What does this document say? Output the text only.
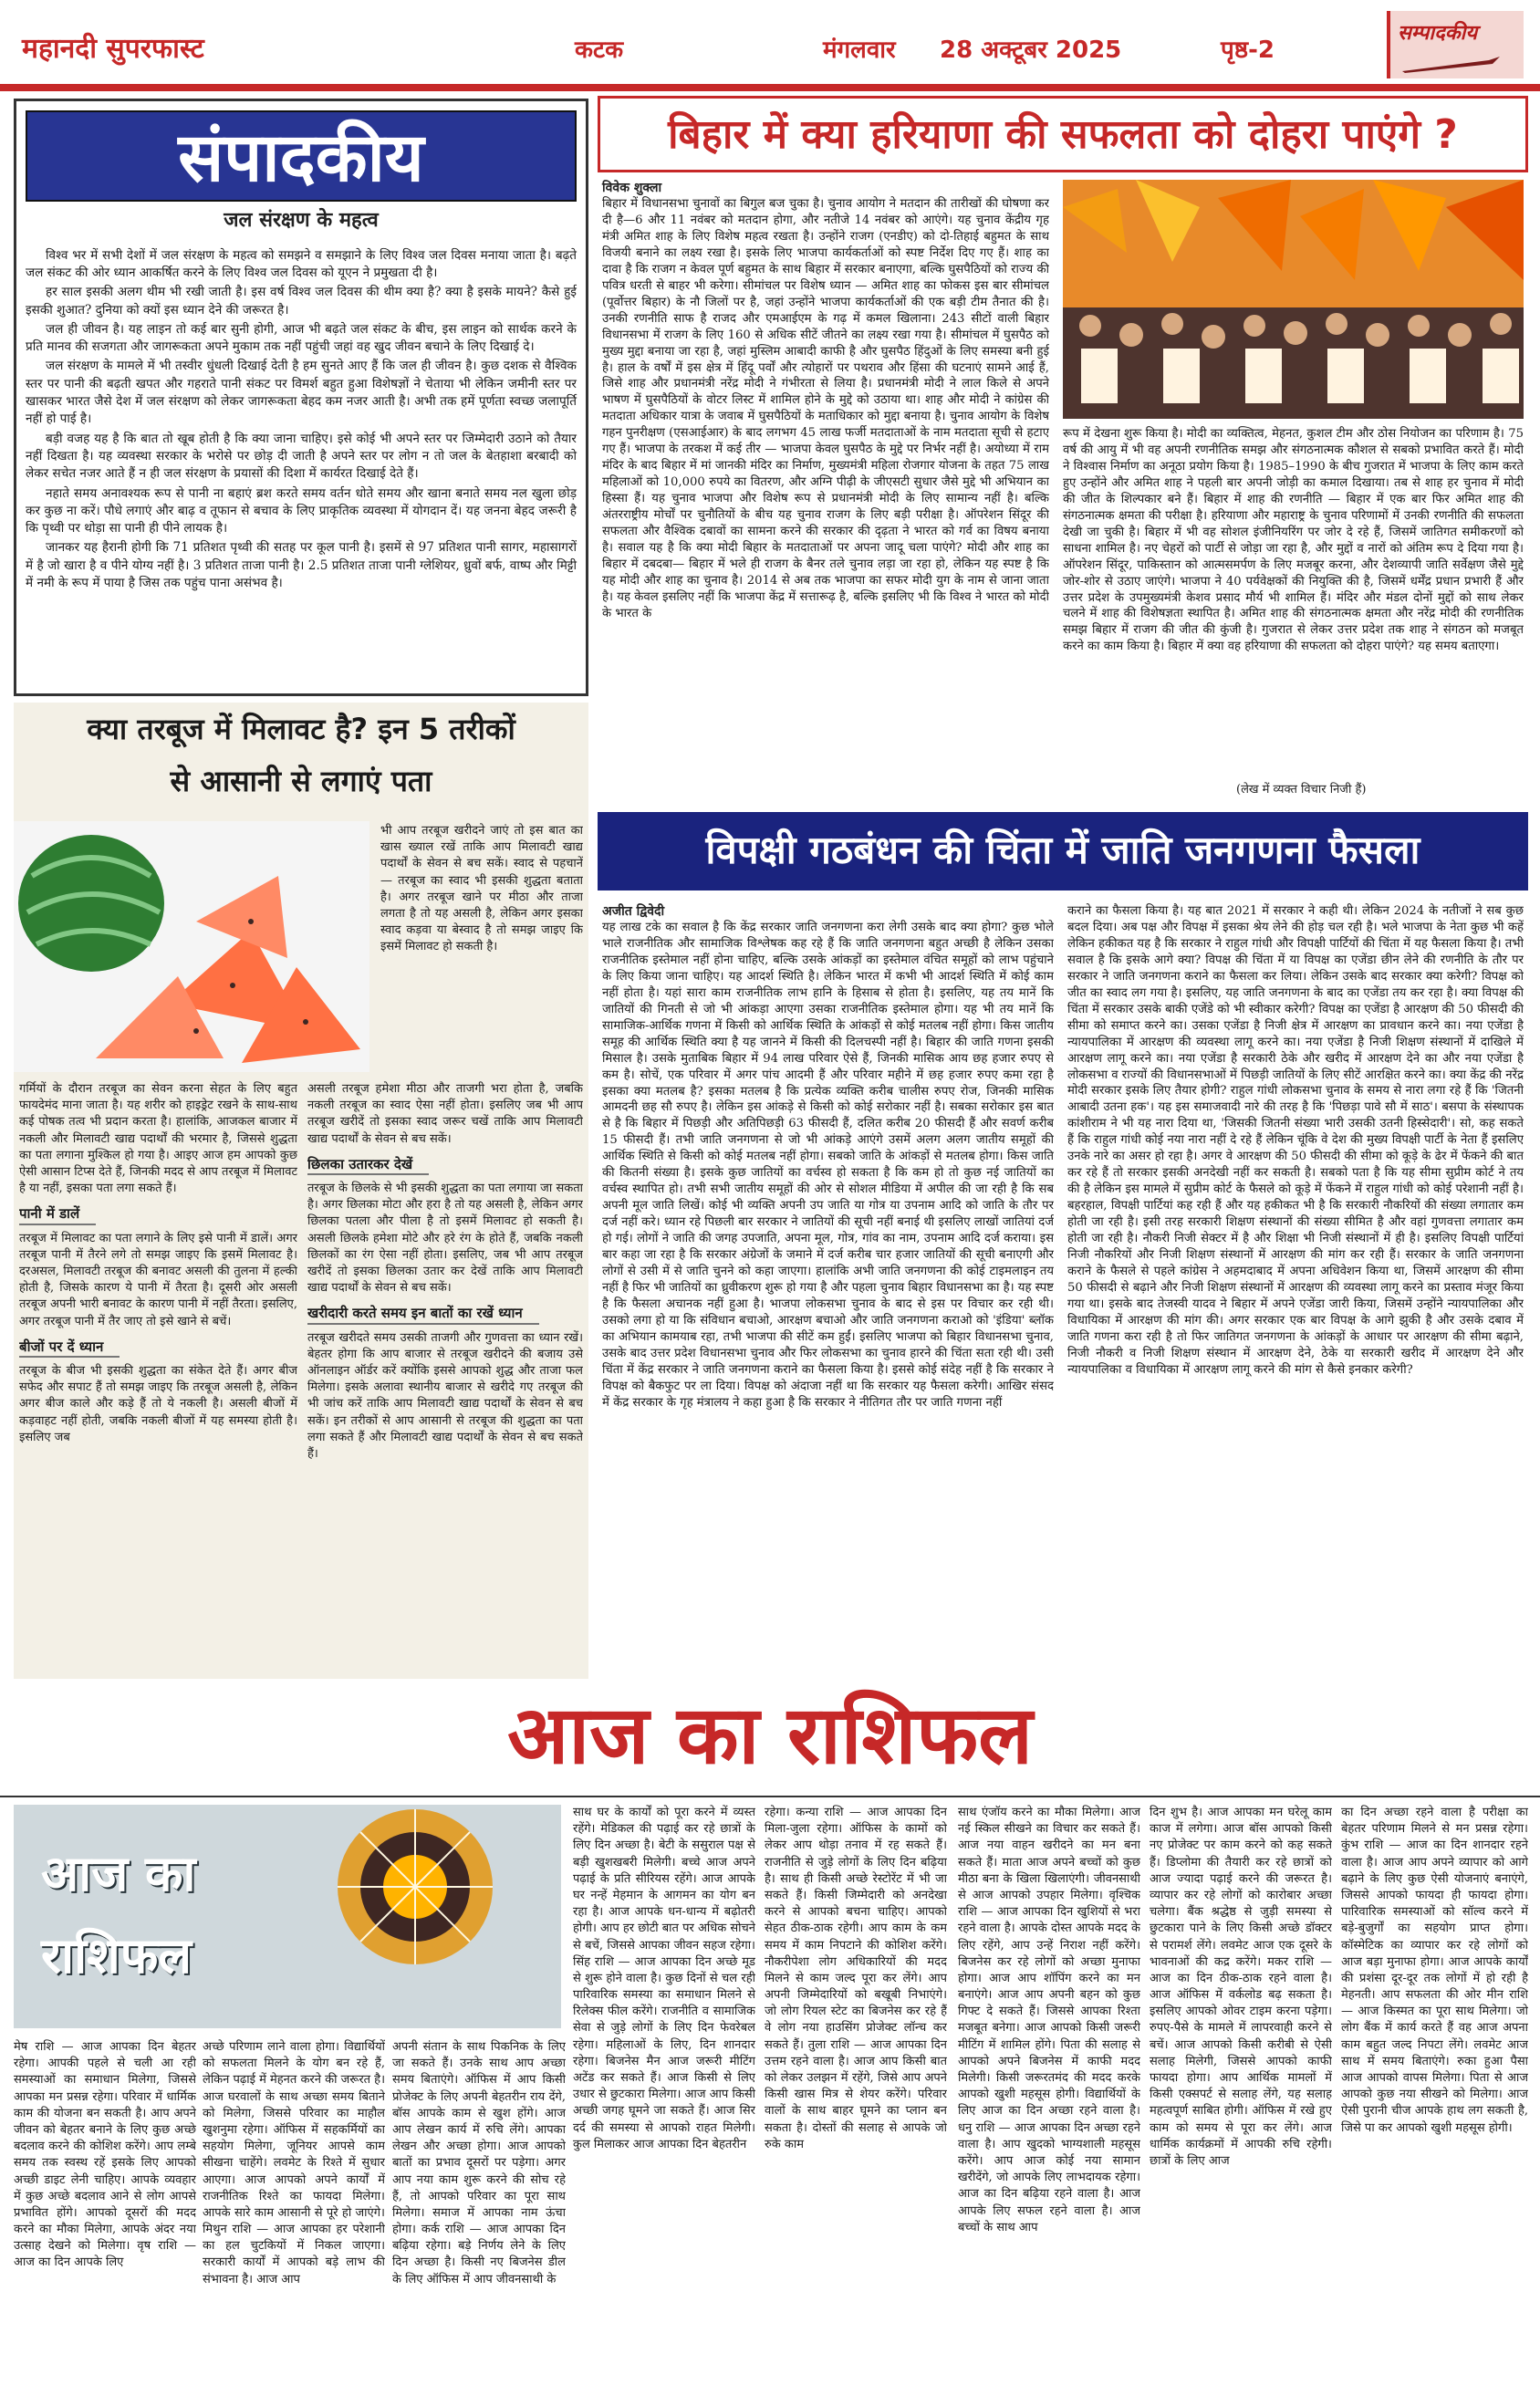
महानदी सुपरफास्ट	कटक	मंगलवार 28 अक्टूबर 2025	पृष्ठ-2
सम्पादकीय
संपादकीय
जल संरक्षण के महत्व

विश्व भर में सभी देशों में जल संरक्षण के महत्व को समझने व समझाने के लिए विश्व जल दिवस मनाया जाता है। बढ़ते जल संकट की ओर ध्यान आकर्षित करने के लिए विश्व जल दिवस को यूएन ने प्रमुखता दी है।

हर साल इसकी अलग थीम भी रखी जाती है। इस वर्ष विश्व जल दिवस की थीम क्या है? क्या है इसके मायने? कैसे हुई इसकी शुआत? दुनिया को क्यों इस ध्यान देने की जरूरत है।

जल ही जीवन है। यह लाइन तो कई बार सुनी होगी, आज भी बढ़ते जल संकट के बीच, इस लाइन को सार्थक करने के प्रति मानव की सजगता और जागरूकता अपने मुकाम तक नहीं पहुंची जहां वह खुद जीवन बचाने के लिए दिखाई दे।

जल संरक्षण के मामले में भी तस्वीर धुंधली दिखाई देती है हम सुनते आए हैं कि जल ही जीवन है। कुछ दशक से वैश्विक स्तर पर पानी की बढ़ती खपत और गहराते पानी संकट पर विमर्श बहुत हुआ विशेषज्ञों ने चेताया भी लेकिन जमीनी स्तर पर खासकर भारत जैसे देश में जल संरक्षण को लेकर जागरूकता बेहद कम नजर आती है। अभी तक हमें पूर्णता स्वच्छ जलापूर्ति नहीं हो पाई है।

बड़ी वजह यह है कि बात तो खूब होती है कि क्या जाना चाहिए। इसे कोई भी अपने स्तर पर जिम्मेदारी उठाने को तैयार नहीं दिखता है। यह व्यवस्था सरकार के भरोसे पर छोड़ दी जाती है अपने स्तर पर लोग न तो जल के बेतहाशा बरबादी को लेकर सचेत नजर आते हैं न ही जल संरक्षण के प्रयासों की दिशा में कार्यरत दिखाई देते हैं।

नहाते समय अनावश्यक रूप से पानी ना बहाएं ब्रश करते समय वर्तन धोते समय और खाना बनाते समय नल खुला छोड़ कर कुछ ना करें। पौधे लगाएं और बाढ़ व तूफान से बचाव के लिए प्राकृतिक व्यवस्था में योगदान दें। यह जनना बेहद जरूरी है कि पृथ्वी पर थोड़ा सा पानी ही पीने लायक है।

जानकर यह हैरानी होगी कि 71 प्रतिशत पृथ्वी की सतह पर कूल पानी है। इसमें से 97 प्रतिशत पानी सागर, महासागरों में है जो खारा है व पीने योग्य नहीं है। 3 प्रतिशत ताजा पानी है। 2.5 प्रतिशत ताजा पानी ग्लेशियर, ध्रुवों बर्फ, वाष्प और मिट्टी में नमी के रूप में पाया है जिस तक पहुंच पाना असंभव है।

बिहार में क्या हरियाणा की सफलता को दोहरा पाएंगे ?
विवेक शुक्ला
बिहार में विधानसभा चुनावों का बिगुल बज चुका है। चुनाव आयोग ने मतदान की तारीखों की घोषणा कर दी है—6 और 11 नवंबर को मतदान होगा, और नतीजे 14 नवंबर को आएंगे। यह चुनाव केंद्रीय गृह मंत्री अमित शाह के लिए विशेष महत्व रखता है। उन्होंने राजग (एनडीए) को दो-तिहाई बहुमत के साथ विजयी बनाने का लक्ष्य रखा है। इसके लिए भाजपा कार्यकर्ताओं को स्पष्ट निर्देश दिए गए हैं। शाह का दावा है कि राजग न केवल पूर्ण बहुमत के साथ बिहार में सरकार बनाएगा, बल्कि घुसपैठियों को राज्य की पवित्र धरती से बाहर भी करेगा। सीमांचल पर विशेष ध्यान — अमित शाह का फोकस इस बार सीमांचल (पूर्वोत्तर बिहार) के नौ जिलों पर है, जहां उन्होंने भाजपा कार्यकर्ताओं की एक बड़ी टीम तैनात की है। उनकी रणनीति साफ है राजद और एमआईएम के गढ़ में कमल खिलाना। 243 सीटों वाली बिहार विधानसभा में राजग के लिए 160 से अधिक सीटें जीतने का लक्ष्य रखा गया है। सीमांचल में घुसपैठ को मुख्य मुद्दा बनाया जा रहा है, जहां मुस्लिम आबादी काफी है और घुसपैठ हिंदुओं के लिए समस्या बनी हुई है। हाल के वर्षों में इस क्षेत्र में हिंदू पर्वों और त्योहारों पर पथराव और हिंसा की घटनाएं सामने आई हैं, जिसे शाह और प्रधानमंत्री नरेंद्र मोदी ने गंभीरता से लिया है। प्रधानमंत्री मोदी ने लाल किले से अपने भाषण में घुसपैठियों के वोटर लिस्ट में शामिल होने के मुद्दे को उठाया था। शाह और मोदी ने कांग्रेस की मतदाता अधिकार यात्रा के जवाब में घुसपैठियों के मताधिकार को मुद्दा बनाया है। चुनाव आयोग के विशेष गहन पुनरीक्षण (एसआईआर) के बाद लगभग 45 लाख फर्जी मतदाताओं के नाम मतदाता सूची से हटाए गए हैं। भाजपा के तरकश में कई तीर — भाजपा केवल घुसपैठ के मुद्दे पर निर्भर नहीं है। अयोध्या में राम मंदिर के बाद बिहार में मां जानकी मंदिर का निर्माण, मुख्यमंत्री महिला रोजगार योजना के तहत 75 लाख महिलाओं को 10,000 रुपये का वितरण, और अग्नि पीढ़ी के जीएसटी सुधार जैसे मुद्दे भी अभियान का हिस्सा हैं। यह चुनाव भाजपा और विशेष रूप से प्रधानमंत्री मोदी के लिए सामान्य नहीं है। बल्कि अंतरराष्ट्रीय मोर्चों पर चुनौतियों के बीच यह चुनाव राजग के लिए बड़ी परीक्षा है। ऑपरेशन सिंदूर की सफलता और वैश्विक दबावों का सामना करने की सरकार की दृढ़ता ने भारत को गर्व का विषय बनाया है। सवाल यह है कि क्या मोदी बिहार के मतदाताओं पर अपना जादू चला पाएंगे? मोदी और शाह का बिहार में दबदबा— बिहार में भले ही राजग के बैनर तले चुनाव लड़ा जा रहा हो, लेकिन यह स्पष्ट है कि यह मोदी और शाह का चुनाव है। 2014 से अब तक भाजपा का सफर मोदी युग के नाम से जाना जाता है। यह केवल इसलिए नहीं कि भाजपा केंद्र में सत्तारूढ़ है, बल्कि इसलिए भी कि विश्व ने भारत को मोदी के भारत के
रूप में देखना शुरू किया है। मोदी का व्यक्तित्व, मेहनत, कुशल टीम और ठोस नियोजन का परिणाम है। 75 वर्ष की आयु में भी वह अपनी रणनीतिक समझ और संगठनात्मक कौशल से सबको प्रभावित करते हैं। मोदी ने विश्वास निर्माण का अनूठा प्रयोग किया है। 1985–1990 के बीच गुजरात में भाजपा के लिए काम करते हुए उन्होंने और अमित शाह ने पहली बार अपनी जोड़ी का कमाल दिखाया। तब से शाह हर चुनाव में मोदी की जीत के शिल्पकार बने हैं। बिहार में शाह की रणनीति — बिहार में एक बार फिर अमित शाह की संगठनात्मक क्षमता की परीक्षा है। हरियाणा और महाराष्ट्र के चुनाव परिणामों में उनकी रणनीति की सफलता देखी जा चुकी है। बिहार में भी वह सोशल इंजीनियरिंग पर जोर दे रहे हैं, जिसमें जातिगत समीकरणों को साधना शामिल है। नए चेहरों को पार्टी से जोड़ा जा रहा है, और मुद्दों व नारों को अंतिम रूप दे दिया गया है। ऑपरेशन सिंदूर, पाकिस्तान को आत्मसमर्पण के लिए मजबूर करना, और देशव्यापी जाति सर्वेक्षण जैसे मुद्दे जोर-शोर से उठाए जाएंगे। भाजपा ने 40 पर्यवेक्षकों की नियुक्ति की है, जिसमें धर्मेंद्र प्रधान प्रभारी हैं और उत्तर प्रदेश के उपमुख्यमंत्री केशव प्रसाद मौर्य भी शामिल हैं। मंदिर और मंडल दोनों मुद्दों को साथ लेकर चलने में शाह की विशेषज्ञता स्थापित है। अमित शाह की संगठनात्मक क्षमता और नरेंद्र मोदी की रणनीतिक समझ बिहार में राजग की जीत की कुंजी है। गुजरात से लेकर उत्तर प्रदेश तक शाह ने संगठन को मजबूत करने का काम किया है। बिहार में क्या वह हरियाणा की सफलता को दोहरा पाएंगे? यह समय बताएगा।
(लेख में व्यक्त विचार निजी हैं)
क्या तरबूज में मिलावट है? इन 5 तरीकों
से आसानी से लगाएं पता
भी आप तरबूज खरीदने जाएं तो इस बात का खास ख्याल रखें ताकि आप मिलावटी खाद्य पदार्थों के सेवन से बच सकें। स्वाद से पहचानें — तरबूज का स्वाद भी इसकी शुद्धता बताता है। अगर तरबूज खाने पर मीठा और ताजा लगता है तो यह असली है, लेकिन अगर इसका स्वाद कड़वा या बेस्वाद है तो समझ जाइए कि इसमें मिलावट हो सकती है।
गर्मियों के दौरान तरबूज का सेवन करना सेहत के लिए बहुत फायदेमंद माना जाता है। यह शरीर को हाइड्रेट रखने के साथ-साथ कई पोषक तत्व भी प्रदान करता है। हालांकि, आजकल बाजार में नकली और मिलावटी खाद्य पदार्थों की भरमार है, जिससे शुद्धता का पता लगाना मुश्किल हो गया है। आइए आज हम आपको कुछ ऐसी आसान टिप्स देते हैं, जिनकी मदद से आप तरबूज में मिलावट है या नहीं, इसका पता लगा सकते हैं।
पानी में डालें
तरबूज में मिलावट का पता लगाने के लिए इसे पानी में डालें। अगर तरबूज पानी में तैरने लगे तो समझ जाइए कि इसमें मिलावट है। दरअसल, मिलावटी तरबूज की बनावट असली की तुलना में हल्की होती है, जिसके कारण ये पानी में तैरता है। दूसरी ओर असली तरबूज अपनी भारी बनावट के कारण पानी में नहीं तैरता। इसलिए, अगर तरबूज पानी में तैर जाए तो इसे खाने से बचें।
बीजों पर दें ध्यान
तरबूज के बीज भी इसकी शुद्धता का संकेत देते हैं। अगर बीज सफेद और सपाट हैं तो समझ जाइए कि तरबूज असली है, लेकिन अगर बीज काले और कड़े हैं तो ये नकली है। असली बीजों में कड़वाहट नहीं होती, जबकि नकली बीजों में यह समस्या होती है। इसलिए जब
असली तरबूज हमेशा मीठा और ताजगी भरा होता है, जबकि नकली तरबूज का स्वाद ऐसा नहीं होता। इसलिए जब भी आप तरबूज खरीदें तो इसका स्वाद जरूर चखें ताकि आप मिलावटी खाद्य पदार्थों के सेवन से बच सकें।
छिलका उतारकर देखें
तरबूज के छिलके से भी इसकी शुद्धता का पता लगाया जा सकता है। अगर छिलका मोटा और हरा है तो यह असली है, लेकिन अगर छिलका पतला और पीला है तो इसमें मिलावट हो सकती है। असली छिलके हमेशा मोटे और हरे रंग के होते हैं, जबकि नकली छिलकों का रंग ऐसा नहीं होता। इसलिए, जब भी आप तरबूज खरीदें तो इसका छिलका उतार कर देखें ताकि आप मिलावटी खाद्य पदार्थों के सेवन से बच सकें।
खरीदारी करते समय इन बातों का रखें ध्यान
तरबूज खरीदते समय उसकी ताजगी और गुणवत्ता का ध्यान रखें। बेहतर होगा कि आप बाजार से तरबूज खरीदने की बजाय उसे ऑनलाइन ऑर्डर करें क्योंकि इससे आपको शुद्ध और ताजा फल मिलेगा। इसके अलावा स्थानीय बाजार से खरीदे गए तरबूज की भी जांच करें ताकि आप मिलावटी खाद्य पदार्थों के सेवन से बच सकें। इन तरीकों से आप आसानी से तरबूज की शुद्धता का पता लगा सकते हैं और मिलावटी खाद्य पदार्थों के सेवन से बच सकते हैं।
विपक्षी गठबंधन की चिंता में जाति जनगणना फैसला
अजीत द्विवेदी
यह लाख टके का सवाल है कि केंद्र सरकार जाति जनगणना करा लेगी उसके बाद क्या होगा? कुछ भोले भाले राजनीतिक और सामाजिक विश्लेषक कह रहे हैं कि जाति जनगणना बहुत अच्छी है लेकिन उसका राजनीतिक इस्तेमाल नहीं होना चाहिए, बल्कि उसके आंकड़ों का इस्तेमाल वंचित समूहों को लाभ पहुंचाने के लिए किया जाना चाहिए। यह आदर्श स्थिति है। लेकिन भारत में कभी भी आदर्श स्थिति में कोई काम नहीं होता है। यहां सारा काम राजनीतिक लाभ हानि के हिसाब से होता है। इसलिए, यह तय मानें कि जातियों की गिनती से जो भी आंकड़ा आएगा उसका राजनीतिक इस्तेमाल होगा। यह भी तय मानें कि सामाजिक-आर्थिक गणना में किसी को आर्थिक स्थिति के आंकड़ों से कोई मतलब नहीं होगा। किस जातीय समूह की आर्थिक स्थिति क्या है यह जानने में किसी की दिलचस्पी नहीं है। बिहार की जाति गणना इसकी मिसाल है। उसके मुताबिक बिहार में 94 लाख परिवार ऐसे हैं, जिनकी मासिक आय छह हजार रुपए से कम है। सोचें, एक परिवार में अगर पांच आदमी हैं और परिवार महीने में छह हजार रुपए कमा रहा है इसका क्या मतलब है? इसका मतलब है कि प्रत्येक व्यक्ति करीब चालीस रुपए रोज, जिनकी मासिक आमदनी छह सौ रुपए है। लेकिन इस आंकड़े से किसी को कोई सरोकार नहीं है। सबका सरोकार इस बात से है कि बिहार में पिछड़ी और अतिपिछड़ी 63 फीसदी हैं, दलित करीब 20 फीसदी हैं और सवर्ण करीब 15 फीसदी हैं। तभी जाति जनगणना से जो भी आंकड़े आएंगे उसमें अलग अलग जातीय समूहों की आर्थिक स्थिति से किसी को कोई मतलब नहीं होगा। सबको जाति के आंकड़ों से मतलब होगा। किस जाति की कितनी संख्या है। इसके कुछ जातियों का वर्चस्व हो सकता है कि कम हो तो कुछ नई जातियों का वर्चस्व स्थापित हो। तभी सभी जातीय समूहों की ओर से सोशल मीडिया में अपील की जा रही है कि सब अपनी मूल जाति लिखें। कोई भी व्यक्ति अपनी उप जाति या गोत्र या उपनाम आदि को जाति के तौर पर दर्ज नहीं करे। ध्यान रहे पिछली बार सरकार ने जातियों की सूची नहीं बनाई थी इसलिए लाखों जातियां दर्ज हो गई। लोगों ने जाति की जगह उपजाति, अपना मूल, गोत्र, गांव का नाम, उपनाम आदि दर्ज कराया। इस बार कहा जा रहा है कि सरकार अंग्रेजों के जमाने में दर्ज करीब चार हजार जातियों की सूची बनाएगी और लोगों से उसी में से जाति चुनने को कहा जाएगा। हालांकि अभी जाति जनगणना की कोई टाइमलाइन तय नहीं है फिर भी जातियों का ध्रुवीकरण शुरू हो गया है और पहला चुनाव बिहार विधानसभा का है। यह स्पष्ट है कि फैसला अचानक नहीं हुआ है। भाजपा लोकसभा चुनाव के बाद से इस पर विचार कर रही थी। उसको लगा हो या कि संविधान बचाओ, आरक्षण बचाओ और जाति जनगणना कराओ को 'इंडिया' ब्लॉक का अभियान कामयाब रहा, तभी भाजपा की सीटें कम हुईं। इसलिए भाजपा को बिहार विधानसभा चुनाव, उसके बाद उत्तर प्रदेश विधानसभा चुनाव और फिर लोकसभा का चुनाव हारने की चिंता सता रही थी। उसी चिंता में केंद्र सरकार ने जाति जनगणना कराने का फैसला किया है। इससे कोई संदेह नहीं है कि सरकार ने विपक्ष को बैकफुट पर ला दिया। विपक्ष को अंदाजा नहीं था कि सरकार यह फैसला करेगी। आखिर संसद में केंद्र सरकार के गृह मंत्रालय ने कहा हुआ है कि सरकार ने नीतिगत तौर पर जाति गणना नहीं
कराने का फैसला किया है। यह बात 2021 में सरकार ने कही थी। लेकिन 2024 के नतीजों ने सब कुछ बदल दिया। अब पक्ष और विपक्ष में इसका श्रेय लेने की होड़ चल रही है। भले भाजपा के नेता कुछ भी कहें लेकिन हकीकत यह है कि सरकार ने राहुल गांधी और विपक्षी पार्टियों की चिंता में यह फैसला किया है। तभी सवाल है कि इसके आगे क्या? विपक्ष की चिंता में या विपक्ष का एजेंडा छीन लेने की रणनीति के तौर पर सरकार ने जाति जनगणना कराने का फैसला कर लिया। लेकिन उसके बाद सरकार क्या करेगी? विपक्ष को जीत का स्वाद लग गया है। इसलिए, यह जाति जनगणना के बाद का एजेंडा तय कर रहा है। क्या विपक्ष की चिंता में सरकार उसके बाकी एजेंडे को भी स्वीकार करेगी? विपक्ष का एजेंडा है आरक्षण की 50 फीसदी की सीमा को समाप्त करने का। उसका एजेंडा है निजी क्षेत्र में आरक्षण का प्रावधान करने का। नया एजेंडा है न्यायपालिका में आरक्षण की व्यवस्था लागू करने का। नया एजेंडा है निजी शिक्षण संस्थानों में दाखिले में आरक्षण लागू करने का। नया एजेंडा है सरकारी ठेके और खरीद में आरक्षण देने का और नया एजेंडा है लोकसभा व राज्यों की विधानसभाओं में पिछड़ी जातियों के लिए सीटें आरक्षित करने का। क्या केंद्र की नरेंद्र मोदी सरकार इसके लिए तैयार होगी? राहुल गांधी लोकसभा चुनाव के समय से नारा लगा रहे हैं कि 'जितनी आबादी उतना हक'। यह इस समाजवादी नारे की तरह है कि 'पिछड़ा पावे सौ में साठ'। बसपा के संस्थापक कांशीराम ने भी यह नारा दिया था, 'जिसकी जितनी संख्या भारी उसकी उतनी हिस्सेदारी'। सो, कह सकते हैं कि राहुल गांधी कोई नया नारा नहीं दे रहे हैं लेकिन चूंकि वे देश की मुख्य विपक्षी पार्टी के नेता हैं इसलिए उनके नारे का असर हो रहा है। अगर वे आरक्षण की 50 फीसदी की सीमा को कूड़े के ढेर में फेंकने की बात कर रहे हैं तो सरकार इसकी अनदेखी नहीं कर सकती है। सबको पता है कि यह सीमा सुप्रीम कोर्ट ने तय की है लेकिन इस मामले में सुप्रीम कोर्ट के फैसले को कूड़े में फेंकने में राहुल गांधी को कोई परेशानी नहीं है। बहरहाल, विपक्षी पार्टियां कह रही हैं और यह हकीकत भी है कि सरकारी नौकरियों की संख्या लगातार कम होती जा रही है। इसी तरह सरकारी शिक्षण संस्थानों की संख्या सीमित है और वहां गुणवत्ता लगातार कम होती जा रही है। नौकरी निजी सेक्टर में है और शिक्षा भी निजी संस्थानों में ही है। इसलिए विपक्षी पार्टियां निजी नौकरियों और निजी शिक्षण संस्थानों में आरक्षण की मांग कर रही हैं। सरकार के जाति जनगणना कराने के फैसले से पहले कांग्रेस ने अहमदाबाद में अपना अधिवेशन किया था, जिसमें आरक्षण की सीमा 50 फीसदी से बढ़ाने और निजी शिक्षण संस्थानों में आरक्षण की व्यवस्था लागू करने का प्रस्ताव मंजूर किया गया था। इसके बाद तेजस्वी यादव ने बिहार में अपने एजेंडा जारी किया, जिसमें उन्होंने न्यायपालिका और विधायिका में आरक्षण की मांग की। अगर सरकार एक बार विपक्ष के आगे झुकी है और उसके दबाव में जाति गणना करा रही है तो फिर जातिगत जनगणना के आंकड़ों के आधार पर आरक्षण की सीमा बढ़ाने, निजी नौकरी व निजी शिक्षण संस्थान में आरक्षण देने, ठेके या सरकारी खरीद में आरक्षण देने और न्यायपालिका व विधायिका में आरक्षण लागू करने की मांग से कैसे इनकार करेगी?
आज का राशिफल
आज का
राशिफल
मेष राशि — आज आपका दिन बेहतर रहेगा। आपकी पहले से चली आ रही समस्याओं का समाधान मिलेगा, जिससे आपका मन प्रसन्न रहेगा। परिवार में धार्मिक काम की योजना बन सकती है। आप अपने जीवन को बेहतर बनाने के लिए कुछ अच्छे बदलाव करने की कोशिश करेंगे। आप लम्बे समय तक स्वस्थ रहें इसके लिए आपको अच्छी डाइट लेनी चाहिए। आपके व्यवहार में कुछ अच्छे बदलाव आने से लोग आपसे प्रभावित होंगे। आपको दूसरों की मदद करने का मौका मिलेगा, आपके अंदर नया उत्साह देखने को मिलेगा। वृष राशि — आज का दिन आपके लिए
अच्छे परिणाम लाने वाला होगा। विद्यार्थियों को सफलता मिलने के योग बन रहे हैं, लेकिन पढ़ाई में मेहनत करने की जरूरत है। आज घरवालों के साथ अच्छा समय बिताने को मिलेगा, जिससे परिवार का माहौल खुशनुमा रहेगा। ऑफिस में सहकर्मियों का सहयोग मिलेगा, जूनियर आपसे काम सीखना चाहेंगे। लवमेट के रिश्ते में सुधार आएगा। आज आपको अपने कार्यों में राजनीतिक रिश्ते का फायदा मिलेगा। आपके सारे काम आसानी से पूरे हो जाएंगे। मिथुन राशि — आज आपका हर परेशानी का हल चुटकियों में निकल जाएगा। सरकारी कार्यों में आपको बड़े लाभ की संभावना है। आज आप
अपनी संतान के साथ पिकनिक के लिए जा सकते हैं। उनके साथ आप अच्छा समय बिताएंगे। ऑफिस में आप किसी प्रोजेक्ट के लिए अपनी बेहतरीन राय देंगे, बॉस आपके काम से खुश होंगे। आज आप लेखन कार्य में रुचि लेंगे। आपका लेखन और अच्छा होगा। आज आपको बातों का प्रभाव दूसरों पर पड़ेगा। अगर आप नया काम शुरू करने की सोच रहे हैं, तो आपको परिवार का पूरा साथ मिलेगा। समाज में आपका नाम ऊंचा होगा। कर्क राशि — आज आपका दिन बढ़िया रहेगा। बड़े निर्णय लेने के लिए दिन अच्छा है। किसी नए बिजनेस डील के लिए ऑफिस में आप जीवनसाथी के
साथ घर के कार्यों को पूरा करने में व्यस्त रहेंगे। मेडिकल की पढ़ाई कर रहे छात्रों के लिए दिन अच्छा है। बेटी के ससुराल पक्ष से बड़ी खुशखबरी मिलेगी। बच्चे आज अपने पढ़ाई के प्रति सीरियस रहेंगे। आज आपके घर नन्हें मेहमान के आगमन का योग बन रहा है। आज आपके धन-धान्य में बढ़ोतरी होगी। आप हर छोटी बात पर अधिक सोचने से बचें, जिससे आपका जीवन सहज रहेगा। सिंह राशि — आज आपका दिन अच्छे मूड से शुरू होने वाला है। कुछ दिनों से चल रही पारिवारिक समस्या का समाधान मिलने से रिलेक्स फील करेंगे। राजनीति व सामाजिक सेवा से जुड़े लोगों के लिए दिन फेवरेबल रहेगा। महिलाओं के लिए, दिन शानदार रहेगा। बिजनेस मैन आज जरूरी मीटिंग अटेंड कर सकते हैं। आज किसी से लिए उधार से छुटकारा मिलेगा। आज आप किसी अच्छी जगह घूमने जा सकते हैं। आज सिर दर्द की समस्या से आपको राहत मिलेगी। कुल मिलाकर आज आपका दिन बेहतरीन
रहेगा। कन्या राशि — आज आपका दिन मिला-जुला रहेगा। ऑफिस के कामों को लेकर आप थोड़ा तनाव में रह सकते हैं। राजनीति से जुड़े लोगों के लिए दिन बढ़िया है। साथ ही किसी अच्छे रेस्टोरेंट में भी जा सकते हैं। किसी जिम्मेदारी को अनदेखा करने से आपको बचना चाहिए। आपको सेहत ठीक-ठाक रहेगी। आप काम के कम समय में काम निपटाने की कोशिश करेंगे। नौकरीपेशा लोग अधिकारियों की मदद मिलने से काम जल्द पूरा कर लेंगे। आप अपनी जिम्मेदारियों को बखूबी निभाएंगे। जो लोग रियल स्टेट का बिजनेस कर रहे हैं वे लोग नया हाउसिंग प्रोजेक्ट लॉन्च कर सकते हैं। तुला राशि — आज आपका दिन उत्तम रहने वाला है। आज आप किसी बात को लेकर उलझन में रहेंगे, जिसे आप अपने किसी खास मित्र से शेयर करेंगे। परिवार वालों के साथ बाहर घूमने का प्लान बन सकता है। दोस्तों की सलाह से आपके जो रुके काम
साथ एंजॉय करने का मौका मिलेगा। आज नई स्किल सीखने का विचार कर सकते हैं। आज नया वाहन खरीदने का मन बना सकते हैं। माता आज अपने बच्चों को कुछ मीठा बना के खिला खिलाएंगी। जीवनसाथी से आज आपको उपहार मिलेगा। वृश्चिक राशि — आज आपका दिन खुशियों से भरा रहने वाला है। आपके दोस्त आपके मदद के लिए रहेंगे, आप उन्हें निराश नहीं करेंगे। बिजनेस कर रहे लोगों को अच्छा मुनाफा होगा। आज आप शॉपिंग करने का मन बनाएंगे। आज आप अपनी बहन को कुछ गिफ्ट दे सकते हैं। जिससे आपका रिश्ता मजबूत बनेगा। आज आपको किसी जरूरी मीटिंग में शामिल होंगे। पिता की सलाह से आपको अपने बिजनेस में काफी मदद मिलेगी। किसी जरूरतमंद की मदद करके आपको खुशी महसूस होगी। विद्यार्थियों के लिए आज का दिन अच्छा रहने वाला है। धनु राशि — आज आपका दिन अच्छा रहने वाला है। आप खुदको भाग्यशाली महसूस करेंगे। आप आज कोई नया सामान खरीदेंगे, जो आपके लिए लाभदायक रहेगा। आज का दिन बढ़िया रहने वाला है। आज आपके लिए सफल रहने वाला है। आज बच्चों के साथ आप
दिन शुभ है। आज आपका मन घरेलू काम काज में लगेगा। आज बॉस आपको किसी नए प्रोजेक्ट पर काम करने को कह सकते हैं। डिप्लोमा की तैयारी कर रहे छात्रों को आज ज्यादा पढ़ाई करने की जरूरत है। व्यापार कर रहे लोगों को कारोबार अच्छा चलेगा। बैंक श्रद्धेष्ठ से जुड़ी समस्या से छुटकारा पाने के लिए किसी अच्छे डॉक्टर से परामर्श लेंगे। लवमेट आज एक दूसरे के भावनाओं की कद्र करेंगे। मकर राशि — आज का दिन ठीक-ठाक रहने वाला है। आज ऑफिस में वर्कलोड बढ़ सकता है। इसलिए आपको ओवर टाइम करना पड़ेगा। रुपए-पैसे के मामले में लापरवाही करने से बचें। आज आपको किसी करीबी से ऐसी सलाह मिलेगी, जिससे आपको काफी फायदा होगा। आप आर्थिक मामलों में किसी एक्सपर्ट से सलाह लेंगे, यह सलाह महत्वपूर्ण साबित होगी। ऑफिस में रखे हुए काम को समय से पूरा कर लेंगे। आज धार्मिक कार्यक्रमों में आपकी रुचि रहेगी। छात्रों के लिए आज
का दिन अच्छा रहने वाला है परीक्षा का बेहतर परिणाम मिलने से मन प्रसन्न रहेगा। कुंभ राशि — आज का दिन शानदार रहने वाला है। आज आप अपने व्यापार को आगे बढ़ाने के लिए कुछ ऐसी योजनाएं बनाएंगे, जिससे आपको फायदा ही फायदा होगा। पारिवारिक समस्याओं को सॉल्व करने में बड़े-बुजुर्गों का सहयोग प्राप्त होगा। कॉस्मेटिक का व्यापार कर रहे लोगों को आज बड़ा मुनाफा होगा। आज आपके कार्यों की प्रशंसा दूर-दूर तक लोगों में हो रही है मेहनती। आप सफलता की ओर मीन राशि — आज किस्मत का पूरा साथ मिलेगा। जो लोग बैंक में कार्य करते हैं वह आज अपना काम बहुत जल्द निपटा लेंगे। लवमेट आज साथ में समय बिताएंगे। रुका हुआ पैसा आज आपको वापस मिलेगा। पिता से आज आपको कुछ नया सीखने को मिलेगा। आज ऐसी पुरानी चीज आपके हाथ लग सकती है, जिसे पा कर आपको खुशी महसूस होगी।
